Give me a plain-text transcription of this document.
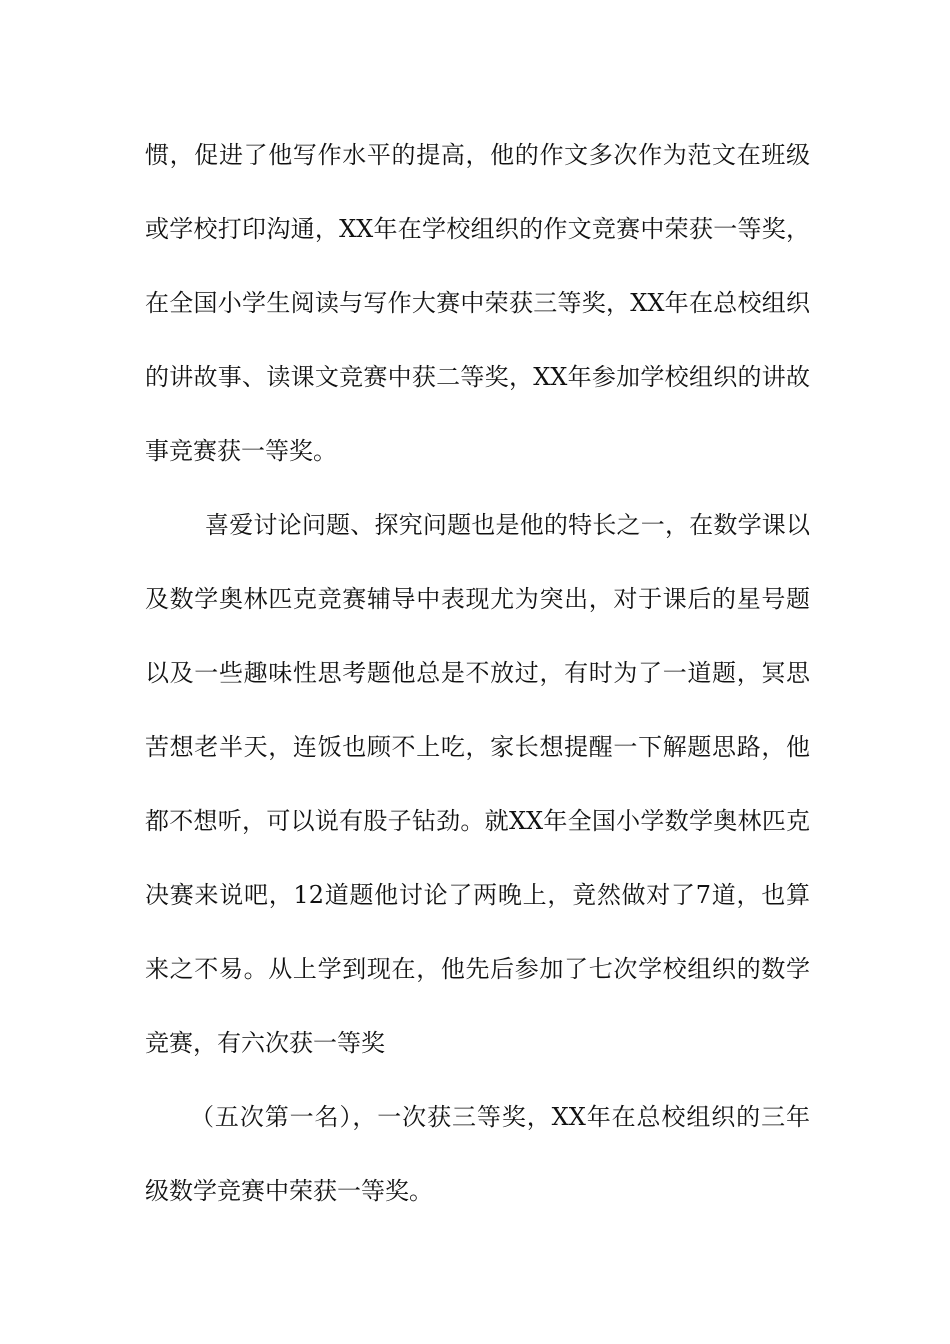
惯，促进了他写作水平的提高，他的作文多次作为范文在班级
或学校打印沟通，XX年在学校组织的作文竞赛中荣获一等奖，
在全国小学生阅读与写作大赛中荣获三等奖，XX年在总校组织
的讲故事、读课文竞赛中获二等奖，XX年参加学校组织的讲故
事竞赛获一等奖。
喜爱讨论问题、探究问题也是他的特长之一，在数学课以
及数学奥林匹克竞赛辅导中表现尤为突出，对于课后的星号题
以及一些趣味性思考题他总是不放过，有时为了一道题，冥思
苦想老半天，连饭也顾不上吃，家长想提醒一下解题思路，他
都不想听，可以说有股子钻劲。就XX年全国小学数学奥林匹克
决赛来说吧，12道题他讨论了两晚上，竟然做对了7道，也算
来之不易。从上学到现在，他先后参加了七次学校组织的数学
竞赛，有六次获一等奖
（五次第一名），一次获三等奖，XX年在总校组织的三年
级数学竞赛中荣获一等奖。
